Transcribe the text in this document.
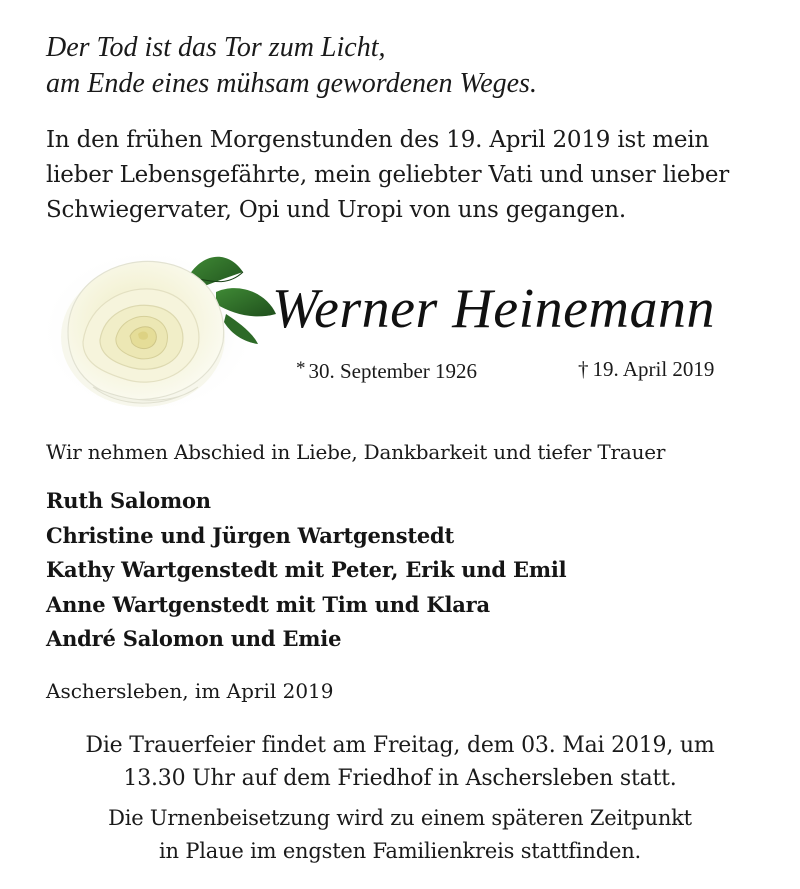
Der Tod ist das Tor zum Licht,
am Ende eines mühsam gewordenen Weges.
In den frühen Morgenstunden des 19. April 2019 ist mein
lieber Lebensgefährte, mein geliebter Vati und unser lieber
Schwiegervater, Opi und Uropi von uns gegangen.
Werner Heinemann
* 30. September 1926	† 19. April 2019
Wir nehmen Abschied in Liebe, Dankbarkeit und tiefer Trauer
Ruth Salomon
Christine und Jürgen Wartgenstedt
Kathy Wartgenstedt mit Peter, Erik und Emil
Anne Wartgenstedt mit Tim und Klara
André Salomon und Emie
Aschersleben, im April 2019
Die Trauerfeier findet am Freitag, dem 03. Mai 2019, um
13.30 Uhr auf dem Friedhof in Aschersleben statt.
Die Urnenbeisetzung wird zu einem späteren Zeitpunkt
in Plaue im engsten Familienkreis stattfinden.
